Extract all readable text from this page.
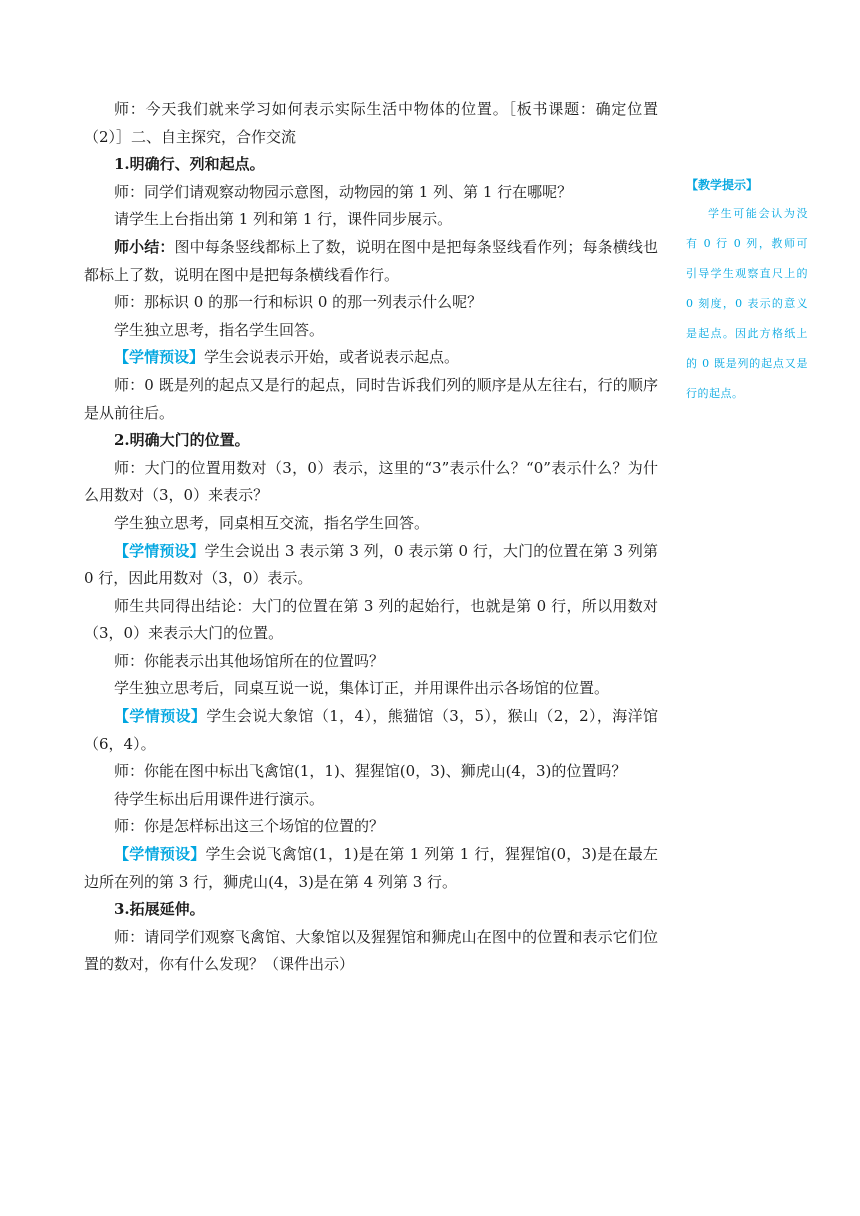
师：今天我们就来学习如何表示实际生活中物体的位置。［板书课题：确定位置（2）］二、自主探究，合作交流

1.明确行、列和起点。

师：同学们请观察动物园示意图，动物园的第 1 列、第 1 行在哪呢？

请学生上台指出第 1 列和第 1 行，课件同步展示。

师小结：图中每条竖线都标上了数，说明在图中是把每条竖线看作列；每条横线也都标上了数，说明在图中是把每条横线看作行。

师：那标识 0 的那一行和标识 0 的那一列表示什么呢？

学生独立思考，指名学生回答。

【学情预设】学生会说表示开始，或者说表示起点。

师：0 既是列的起点又是行的起点，同时告诉我们列的顺序是从左往右，行的顺序是从前往后。

2.明确大门的位置。

师：大门的位置用数对（3，0）表示，这里的“3”表示什么？“0”表示什么？为什么用数对（3，0）来表示？

学生独立思考，同桌相互交流，指名学生回答。

【学情预设】学生会说出 3 表示第 3 列，0 表示第 0 行，大门的位置在第 3 列第 0 行，因此用数对（3，0）表示。

师生共同得出结论：大门的位置在第 3 列的起始行，也就是第 0 行，所以用数对（3，0）来表示大门的位置。

师：你能表示出其他场馆所在的位置吗？

学生独立思考后，同桌互说一说，集体订正，并用课件出示各场馆的位置。

【学情预设】学生会说大象馆（1，4），熊猫馆（3，5），猴山（2，2），海洋馆（6，4）。

师：你能在图中标出飞禽馆(1，1)、猩猩馆(0，3)、狮虎山(4，3)的位置吗？

待学生标出后用课件进行演示。

师：你是怎样标出这三个场馆的位置的？

【学情预设】学生会说飞禽馆(1，1)是在第 1 列第 1 行，猩猩馆(0，3)是在最左边所在列的第 3 行，狮虎山(4，3)是在第 4 列第 3 行。

3.拓展延伸。

师：请同学们观察飞禽馆、大象馆以及猩猩馆和狮虎山在图中的位置和表示它们位置的数对，你有什么发现？（课件出示）

【教学提示】
学生可能会认为没有 0 行 0 列，教师可引导学生观察直尺上的 0 刻度，0 表示的意义是起点。因此方格纸上的 0 既是列的起点又是行的起点。
